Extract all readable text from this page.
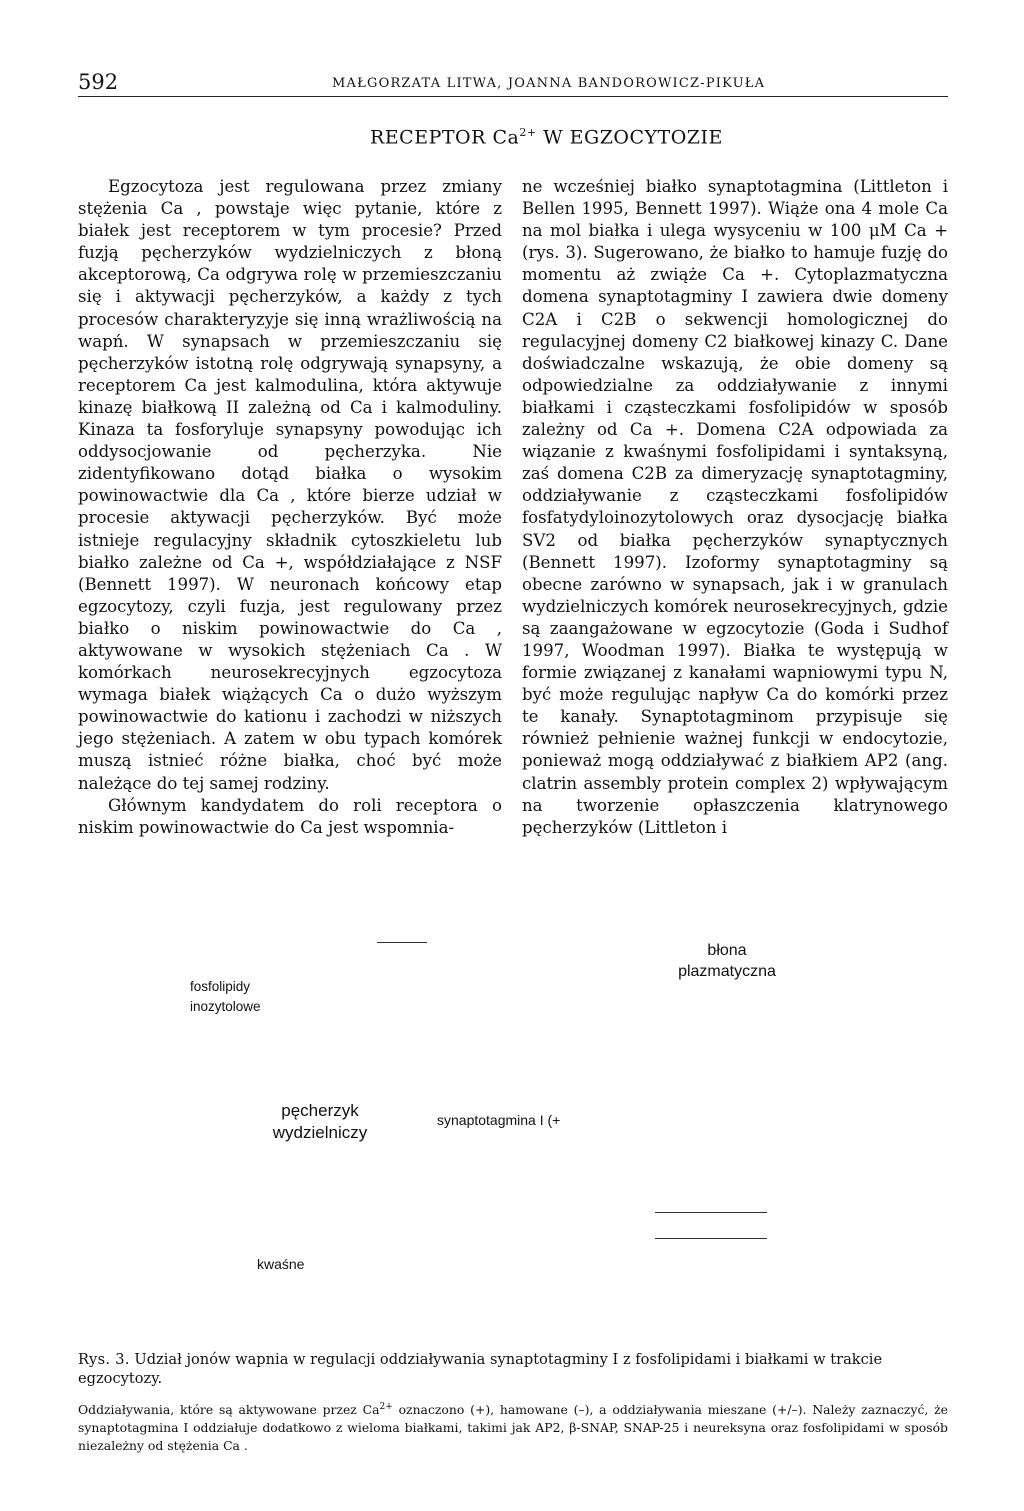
592	MAŁGORZATA LITWA, JOANNA BANDOROWICZ-PIKUŁA
RECEPTOR $Ca^{2+}$ W EGZOCYTOZIE

Egzocytoza jest regulowana przez zmiany stężenia Ca , powstaje więc pytanie, które z białek jest receptorem w tym procesie? Przed fuzją pęcherzyków wydzielniczych z błoną akceptorową, Ca odgrywa rolę w przemieszczaniu się i aktywacji pęcherzyków, a każdy z tych procesów charakteryzyje się inną wrażliwością na wapń. W synapsach w przemieszczaniu się pęcherzyków istotną rolę odgrywają synapsyny, a receptorem Ca jest kalmodulina, która aktywuje kinazę białkową II zależną od Ca i kalmoduliny. Kinaza ta fosforyluje synapsyny powodując ich oddysocjowanie od pęcherzyka. Nie zidentyfikowano dotąd białka o wysokim powinowactwie dla Ca , które bierze udział w procesie aktywacji pęcherzyków. Być może istnieje regulacyjny składnik cytoszkieletu lub białko zależne od Ca +, współdziałające z NSF (Bennett 1997). W neuronach końcowy etap egzocytozy, czyli fuzja, jest regulowany przez białko o niskim powinowactwie do Ca , aktywowane w wysokich stężeniach Ca . W komórkach neurosekrecyjnych egzocytoza wymaga białek wiążących Ca o dużo wyższym powinowactwie do kationu i zachodzi w niższych jego stężeniach. A zatem w obu typach komórek muszą istnieć różne białka, choć być może należące do tej samej rodziny.

Głównym kandydatem do roli receptora o niskim powinowactwie do Ca jest wspomnia-

ne wcześniej białko synaptotagmina (Littleton i Bellen 1995, Bennett 1997). Wiąże ona 4 mole Ca na mol białka i ulega wysyceniu w 100 μM Ca + (rys. 3). Sugerowano, że białko to hamuje fuzję do momentu aż zwiąże Ca +. Cytoplazmatyczna domena synaptotagminy I zawiera dwie domeny C2A i C2B o sekwencji homologicznej do regulacyjnej domeny C2 białkowej kinazy C. Dane doświadczalne wskazują, że obie domeny są odpowiedzialne za oddziaływanie z innymi białkami i cząsteczkami fosfolipidów w sposób zależny od Ca +. Domena C2A odpowiada za wiązanie z kwaśnymi fosfolipidami i syntaksyną, zaś domena C2B za dimeryzację synaptotagminy, oddziaływanie z cząsteczkami fosfolipidów fosfatydyloinozytolowych oraz dysocjację białka SV2 od białka pęcherzyków synaptycznych (Bennett 1997). Izoformy synaptotagminy są obecne zarówno w synapsach, jak i w granulach wydzielniczych komórek neurosekrecyjnych, gdzie są zaangażowane w egzocytozie (Goda i Sudhof 1997, Woodman 1997). Białka te występują w formie związanej z kanałami wapniowymi typu N, być może regulując napływ Ca do komórki przez te kanały. Synaptotagminom przypisuje się również pełnienie ważnej funkcji w endocytozie, ponieważ mogą oddziaływać z białkiem AP2 (ang. clatrin assembly protein complex 2) wpływającym na tworzenie opłaszczenia klatrynowego pęcherzyków (Littleton i

fosfolipidy
inozytolowe
błona
plazmatyczna
pęcherzyk
wydzielniczy
synaptotagmina I (+
kwaśne
Rys. 3. Udział jonów wapnia w regulacji oddziaływania synaptotagminy I z fosfolipidami i białkami w trakcie egzocytozy.
Oddziaływania, które są aktywowane przez $Ca^{2+}$ oznaczono (+), hamowane (–), a oddziaływania mieszane (+/–). Należy zaznaczyć, że synaptotagmina I oddziałuje dodatkowo z wieloma białkami, takimi jak AP2, β-SNAP, SNAP-25 i neureksyna oraz fosfolipidami w sposób niezależny od stężenia Ca .
